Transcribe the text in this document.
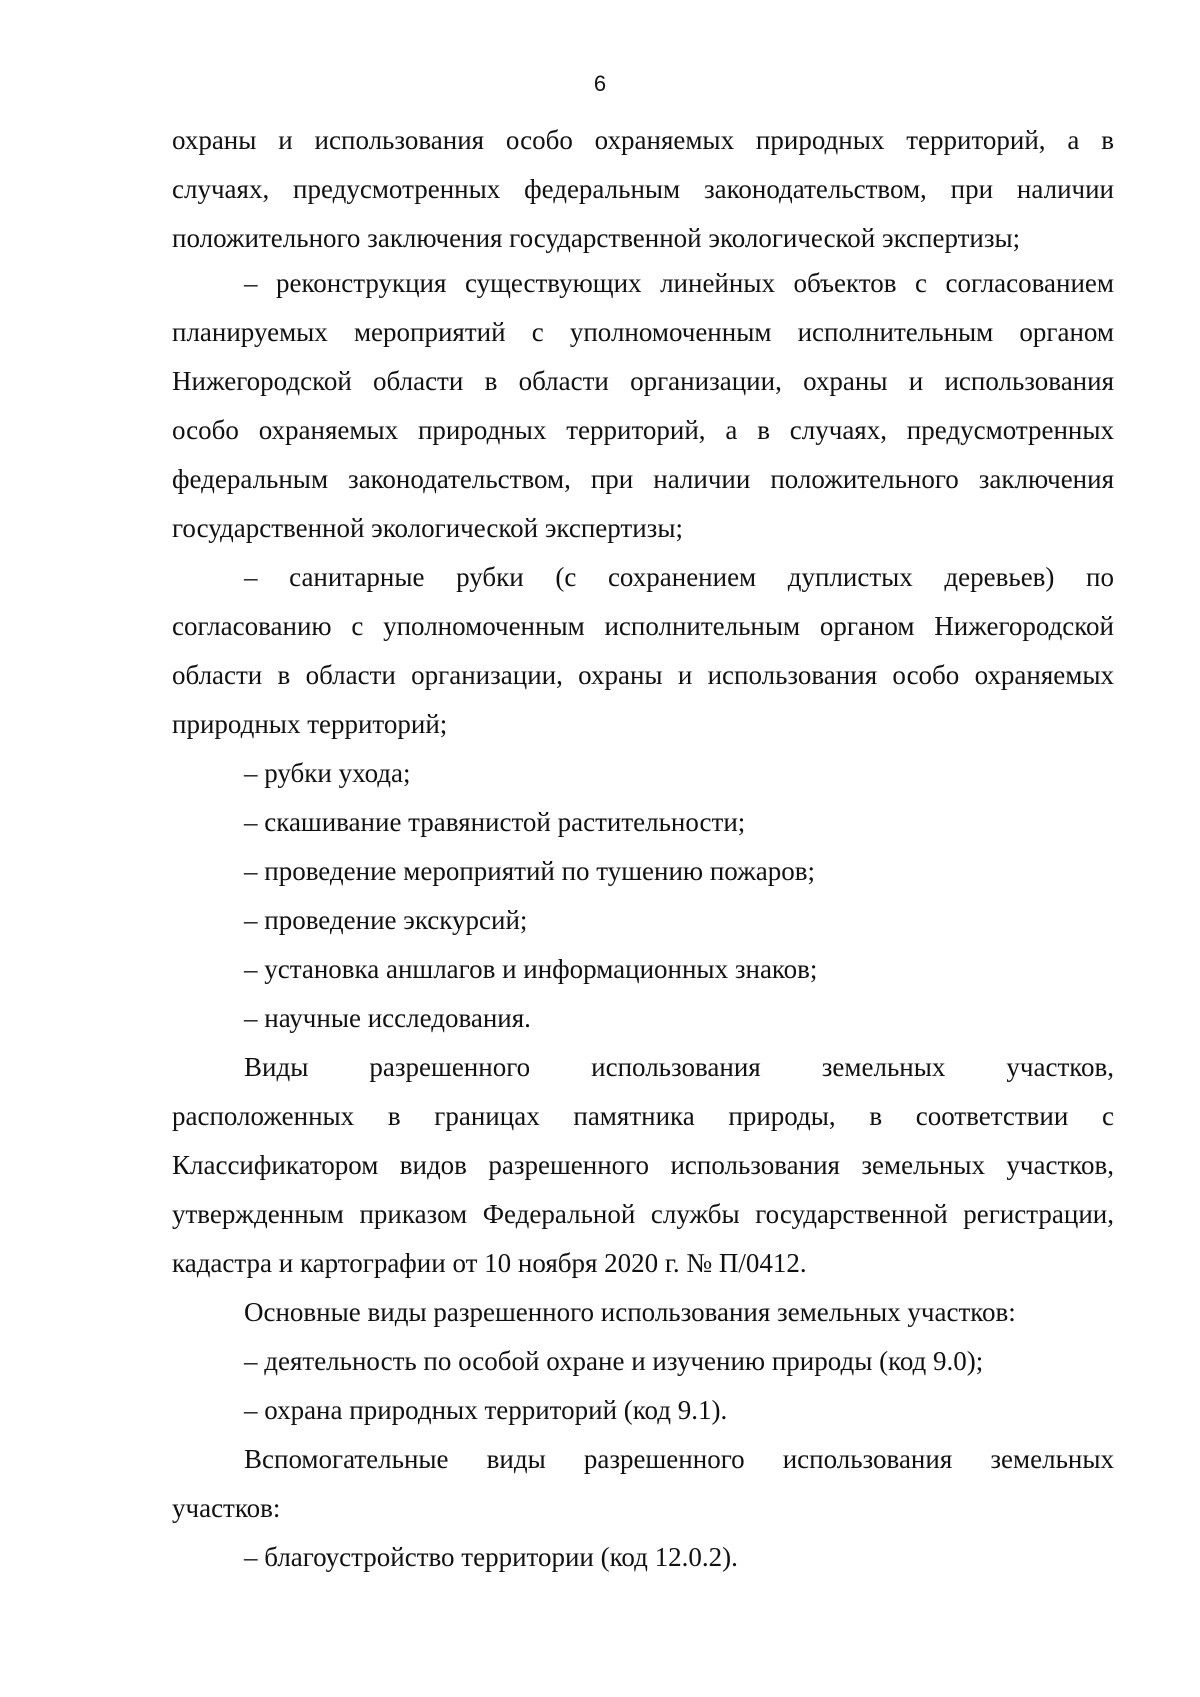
6

охраны и использования особо охраняемых природных территорий, а в

случаях, предусмотренных федеральным законодательством, при наличии

положительного заключения государственной экологической экспертизы;

– реконструкция существующих линейных объектов с согласованием

планируемых мероприятий с уполномоченным исполнительным органом

Нижегородской области в области организации, охраны и использования

особо охраняемых природных территорий, а в случаях, предусмотренных

федеральным законодательством, при наличии положительного заключения

государственной экологической экспертизы;

– санитарные рубки (с сохранением дуплистых деревьев) по

согласованию с уполномоченным исполнительным органом Нижегородской

области в области организации, охраны и использования особо охраняемых

природных территорий;

– рубки ухода;

– скашивание травянистой растительности;

– проведение мероприятий по тушению пожаров;

– проведение экскурсий;

– установка аншлагов и информационных знаков;

– научные исследования.

Виды разрешенного использования земельных участков,

расположенных в границах памятника природы, в соответствии с

Классификатором видов разрешенного использования земельных участков,

утвержденным приказом Федеральной службы государственной регистрации,

кадастра и картографии от 10 ноября 2020 г. № П/0412.

Основные виды разрешенного использования земельных участков:

– деятельность по особой охране и изучению природы (код 9.0);

– охрана природных территорий (код 9.1).

Вспомогательные виды разрешенного использования земельных

участков:

– благоустройство территории (код 12.0.2).
